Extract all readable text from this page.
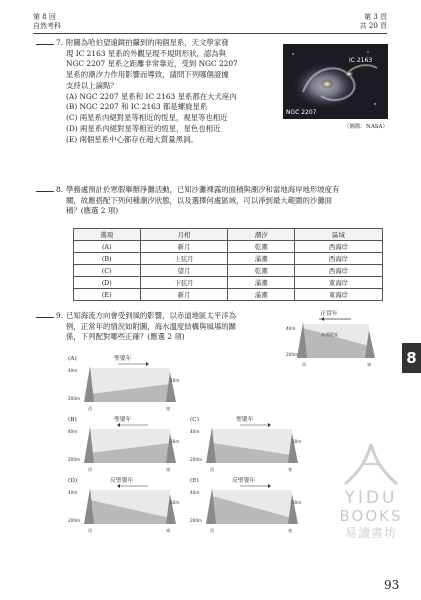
第 8 回
自然考科
第 3 頁
共 20 頁
7. 附圖為哈伯望遠鏡拍攝到的兩個星系，天文學家發
現 IC 2163 星系的外觀呈現不規則形狀，認為與
NGC 2207 星系之距離非常靠近，受到 NGC 2207
星系的潮汐力作用影響而導致，請問下列哪個證據
支持以上論點？
(A) NGC 2207 星系和 IC 2163 星系都在大犬座內
(B) NGC 2207 和 IC 2163 都是螺旋星系
(C) 兩星系內絕對星等相近的恆星，視星等也相近
(D) 兩星系內絕對星等相近的恆星，星色也相近
(E) 兩個星系中心都存在超大質量黑洞。
IC 2163
NGC 2207
（圖源：NASA）
8. 學務處預計於寒假舉辦淨灘活動，已知沙灘裸露的面積與潮汐和當地海岸地形坡度有
關，故應搭配下列何種潮汐狀態，以及選擇何處區域，可以淨到最大範圍的沙灘面
積？(應選 2 項)
選項	月相	潮汐	區域
(A)	新月	乾潮	西海岸
(B)	上弦月	滿潮	西海岸
(C)	望月	乾潮	西海岸
(D)	下弦月	滿潮	東海岸
(E)	新月	滿潮	東海岸
9. 已知海流方向會受到風的影響，以赤道地區太平洋為
例，正常年的情況如附圖，海水溫度結構與風場的關
係，下列配對哪些正確？(應選 2 項)
正常年
赤道暖流
40m
200m
西	東
(A)	聖嬰年
40m
200m
50m
西	東
(B)	聖嬰年
40m
200m
50m
西	東
(C)	聖嬰年
40m
200m
50m
西	東
(D)	反聖嬰年
40m
200m
50m
西	東
(E)	反聖嬰年
40m
200m
50m
西	東
8
YIDU
BOOKS
易讀書坊
93
